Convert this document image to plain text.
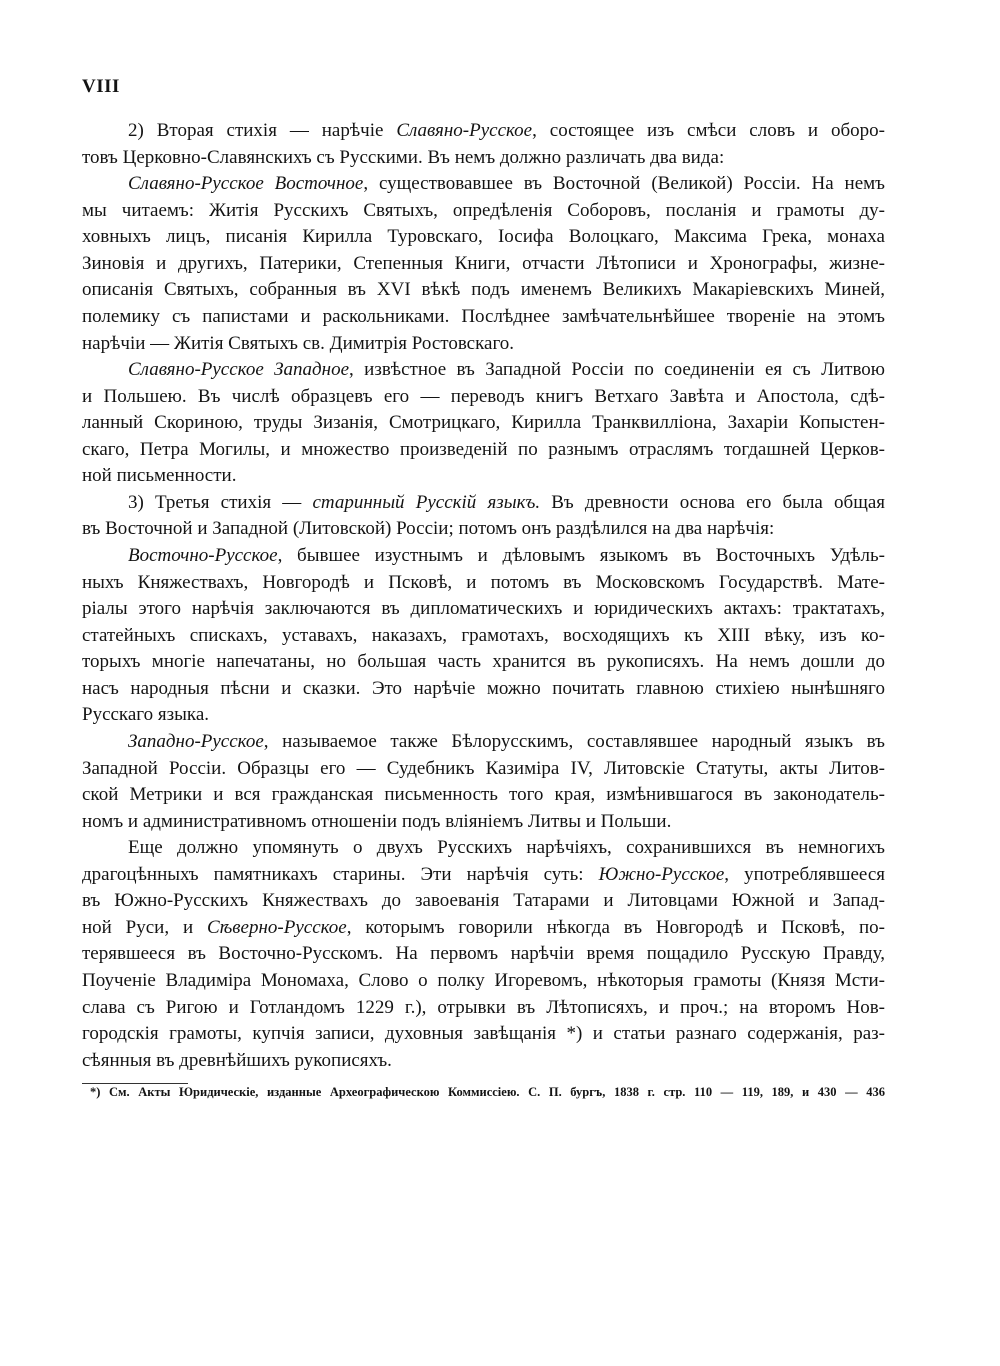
VIII
2) Вторая стихія — нарѣчіе Славяно-Русское, состоящее изъ смѣси словъ и оборо-
товъ Церковно-Славянскихъ съ Русскими. Въ немъ должно различать два вида:
Славяно-Русское Восточное, существовавшее въ Восточной (Великой) Россіи. На немъ
мы читаемъ: Житія Русскихъ Святыхъ, опредѣленія Соборовъ, посланія и грамоты ду-
ховныхъ лицъ, писанія Кирилла Туровскаго, Іосифа Волоцкаго, Максима Грека, монаха
Зиновія и другихъ, Патерики, Степенныя Книги, отчасти Лѣтописи и Хронографы, жизне-
описанія Святыхъ, собранныя въ XVI вѣкѣ подъ именемъ Великихъ Макаріевскихъ Миней,
полемику съ папистами и раскольниками. Послѣднее замѣчательнѣйшее твореніе на этомъ
нарѣчіи — Житія Святыхъ св. Димитрія Ростовскаго.
Славяно-Русское Западное, извѣстное въ Западной Россіи по соединеніи ея съ Литвою
и Польшею. Въ числѣ образцевъ его — переводъ книгъ Ветхаго Завѣта и Апостола, сдѣ-
ланный Скориною, труды Зизанія, Смотрицкаго, Кирилла Транквилліона, Захаріи Копыстен-
скаго, Петра Могилы, и множество произведеній по разнымъ отраслямъ тогдашней Церков-
ной письменности.
3) Третья стихія — старинный Русскій языкъ. Въ древности основа его была общая
въ Восточной и Западной (Литовской) Россіи; потомъ онъ раздѣлился на два нарѣчія:
Восточно-Русское, бывшее изустнымъ и дѣловымъ языкомъ въ Восточныхъ Удѣль-
ныхъ Княжествахъ, Новгородѣ и Псковѣ, и потомъ въ Московскомъ Государствѣ. Мате-
ріалы этого нарѣчія заключаются въ дипломатическихъ и юридическихъ актахъ: трактатахъ,
статейныхъ спискахъ, уставахъ, наказахъ, грамотахъ, восходящихъ къ XIII вѣку, изъ ко-
торыхъ многіе напечатаны, но большая часть хранится въ рукописяхъ. На немъ дошли до
насъ народныя пѣсни и сказки. Это нарѣчіе можно почитать главною стихіею нынѣшняго
Русскаго языка.
Западно-Русское, называемое также Бѣлорусскимъ, составлявшее народный языкъ въ
Западной Россіи. Образцы его — Судебникъ Казиміра IV, Литовскіе Статуты, акты Литов-
ской Метрики и вся гражданская письменность того края, измѣнившагося въ законодатель-
номъ и административномъ отношеніи подъ вліяніемъ Литвы и Польши.
Еще должно упомянуть о двухъ Русскихъ нарѣчіяхъ, сохранившихся въ немногихъ
драгоцѣнныхъ памятникахъ старины. Эти нарѣчія суть: Южно-Русское, употреблявшееся
въ Южно-Русскихъ Княжествахъ до завоеванія Татарами и Литовцами Южной и Запад-
ной Руси, и Сѣверно-Русское, которымъ говорили нѣкогда въ Новгородѣ и Псковѣ, по-
терявшееся въ Восточно-Русскомъ. На первомъ нарѣчіи время пощадило Русскую Правду,
Поученіе Владиміра Мономаха, Слово о полку Игоревомъ, нѣкоторыя грамоты (Князя Мсти-
слава съ Ригою и Готландомъ 1229 г.), отрывки въ Лѣтописяхъ, и проч.; на второмъ Нов-
городскія грамоты, купчія записи, духовныя завѣщанія *) и статьи разнаго содержанія, раз-
сѣянныя въ древнѣйшихъ рукописяхъ.
*) См. Акты Юридическіе, изданные Археографическою Коммиссіею. С. П. бургъ, 1838 г. стр. 110 — 119, 189, и 430 — 436
